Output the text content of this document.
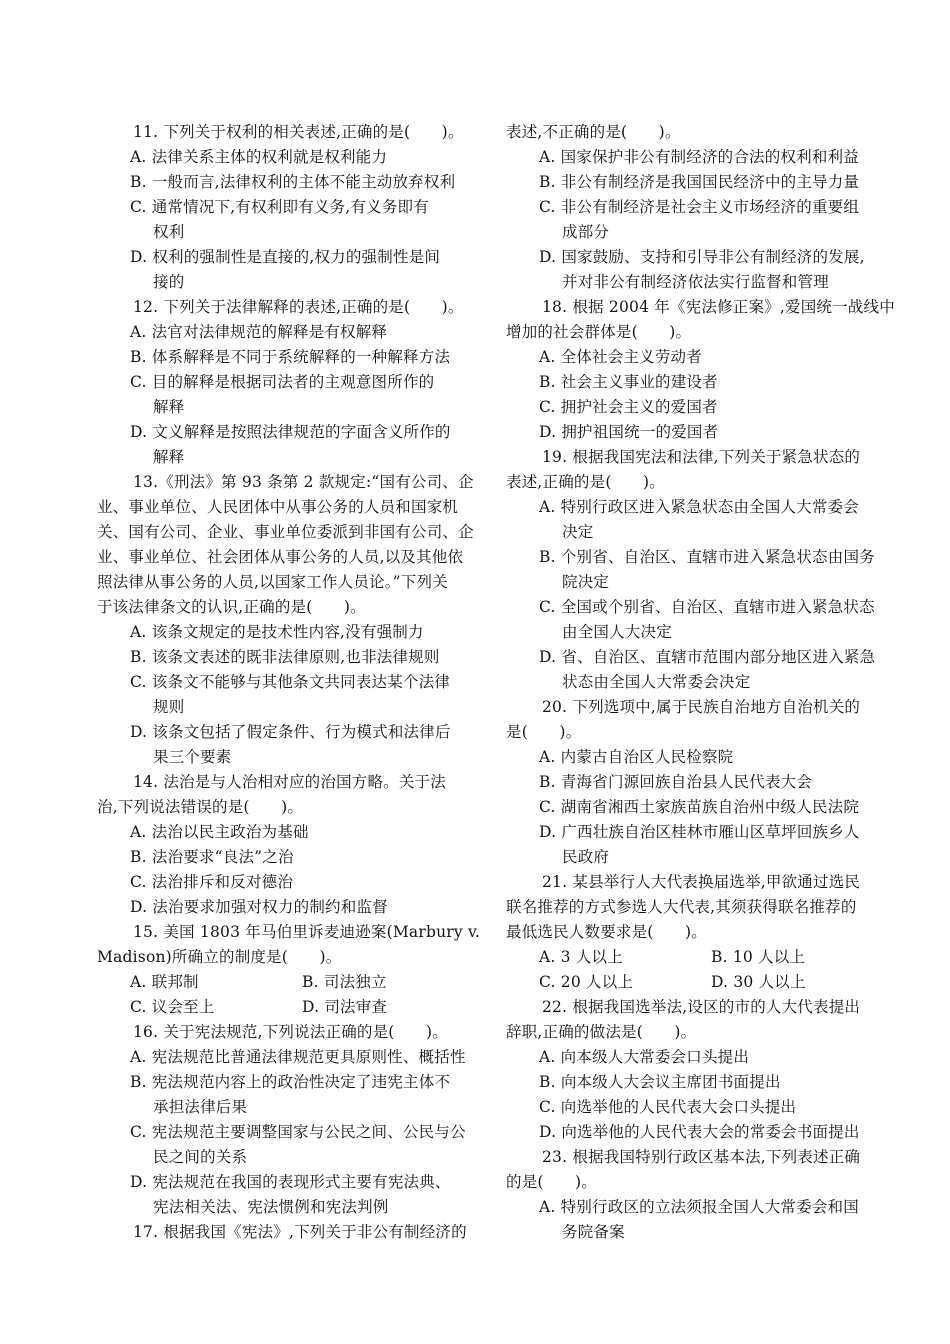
11. 下列关于权利的相关表述,正确的是(　　)。
A. 法律关系主体的权利就是权利能力
B. 一般而言,法律权利的主体不能主动放弃权利
C. 通常情况下,有权利即有义务,有义务即有
权利
D. 权利的强制性是直接的,权力的强制性是间
接的
12. 下列关于法律解释的表述,正确的是(　　)。
A. 法官对法律规范的解释是有权解释
B. 体系解释是不同于系统解释的一种解释方法
C. 目的解释是根据司法者的主观意图所作的
解释
D. 文义解释是按照法律规范的字面含义所作的
解释
13.《刑法》第 93 条第 2 款规定:“国有公司、企
业、事业单位、人民团体中从事公务的人员和国家机
关、国有公司、企业、事业单位委派到非国有公司、企
业、事业单位、社会团体从事公务的人员,以及其他依
照法律从事公务的人员,以国家工作人员论。”下列关
于该法律条文的认识,正确的是(　　)。
A. 该条文规定的是技术性内容,没有强制力
B. 该条文表述的既非法律原则,也非法律规则
C. 该条文不能够与其他条文共同表达某个法律
规则
D. 该条文包括了假定条件、行为模式和法律后
果三个要素
14. 法治是与人治相对应的治国方略。关于法
治,下列说法错误的是(　　)。
A. 法治以民主政治为基础
B. 法治要求“良法”之治
C. 法治排斥和反对德治
D. 法治要求加强对权力的制约和监督
15. 美国 1803 年马伯里诉麦迪逊案(Marbury v.
Madison)所确立的制度是(　　)。
A. 联邦制	B. 司法独立
C. 议会至上	D. 司法审查
16. 关于宪法规范,下列说法正确的是(　　)。
A. 宪法规范比普通法律规范更具原则性、概括性
B. 宪法规范内容上的政治性决定了违宪主体不
承担法律后果
C. 宪法规范主要调整国家与公民之间、公民与公
民之间的关系
D. 宪法规范在我国的表现形式主要有宪法典、
宪法相关法、宪法惯例和宪法判例
17. 根据我国《宪法》,下列关于非公有制经济的
表述,不正确的是(　　)。
A. 国家保护非公有制经济的合法的权利和利益
B. 非公有制经济是我国国民经济中的主导力量
C. 非公有制经济是社会主义市场经济的重要组
成部分
D. 国家鼓励、支持和引导非公有制经济的发展,
并对非公有制经济依法实行监督和管理
18. 根据 2004 年《宪法修正案》,爱国统一战线中
增加的社会群体是(　　)。
A. 全体社会主义劳动者
B. 社会主义事业的建设者
C. 拥护社会主义的爱国者
D. 拥护祖国统一的爱国者
19. 根据我国宪法和法律,下列关于紧急状态的
表述,正确的是(　　)。
A. 特别行政区进入紧急状态由全国人大常委会
决定
B. 个别省、自治区、直辖市进入紧急状态由国务
院决定
C. 全国或个别省、自治区、直辖市进入紧急状态
由全国人大决定
D. 省、自治区、直辖市范围内部分地区进入紧急
状态由全国人大常委会决定
20. 下列选项中,属于民族自治地方自治机关的
是(　　)。
A. 内蒙古自治区人民检察院
B. 青海省门源回族自治县人民代表大会
C. 湖南省湘西土家族苗族自治州中级人民法院
D. 广西壮族自治区桂林市雁山区草坪回族乡人
民政府
21. 某县举行人大代表换届选举,甲欲通过选民
联名推荐的方式参选人大代表,其须获得联名推荐的
最低选民人数要求是(　　)。
A. 3 人以上	B. 10 人以上
C. 20 人以上	D. 30 人以上
22. 根据我国选举法,设区的市的人大代表提出
辞职,正确的做法是(　　)。
A. 向本级人大常委会口头提出
B. 向本级人大会议主席团书面提出
C. 向选举他的人民代表大会口头提出
D. 向选举他的人民代表大会的常委会书面提出
23. 根据我国特别行政区基本法,下列表述正确
的是(　　)。
A. 特别行政区的立法须报全国人大常委会和国
务院备案
